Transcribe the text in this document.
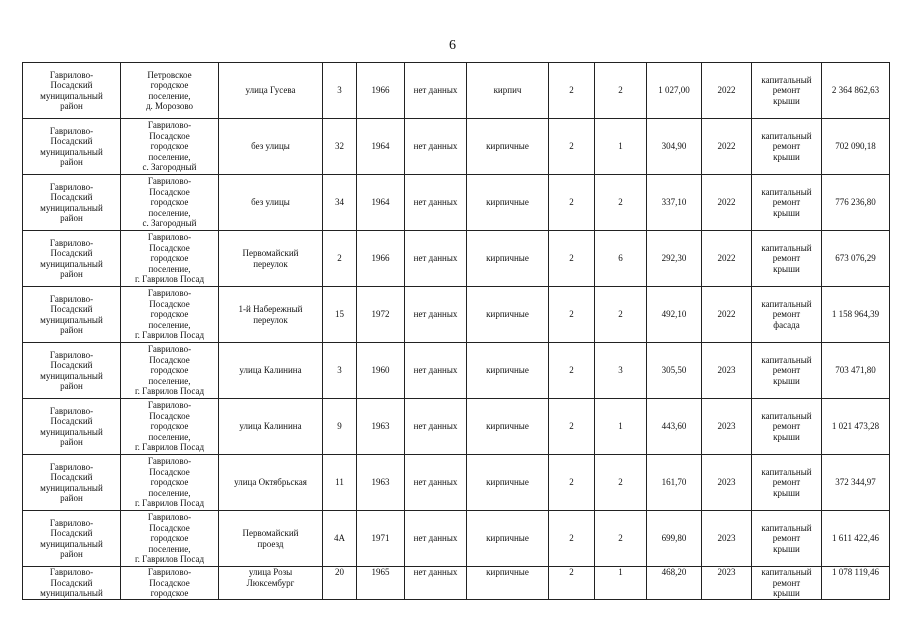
6
Гаврилово-
Посадский
муниципальный
район	Петровское
городское
поселение,
д. Морозово	улица Гусева	3	1966	нет данных	кирпич	2	2	1 027,00	2022	капитальный
ремонт
крыши	2 364 862,63
Гаврилово-
Посадский
муниципальный
район	Гаврилово-
Посадское
городское
поселение,
с. Загородный	без улицы	32	1964	нет данных	кирпичные	2	1	304,90	2022	капитальный
ремонт
крыши	702 090,18
Гаврилово-
Посадский
муниципальный
район	Гаврилово-
Посадское
городское
поселение,
с. Загородный	без улицы	34	1964	нет данных	кирпичные	2	2	337,10	2022	капитальный
ремонт
крыши	776 236,80
Гаврилово-
Посадский
муниципальный
район	Гаврилово-
Посадское
городское
поселение,
г. Гаврилов Посад	Первомайский
переулок	2	1966	нет данных	кирпичные	2	6	292,30	2022	капитальный
ремонт
крыши	673 076,29
Гаврилово-
Посадский
муниципальный
район	Гаврилово-
Посадское
городское
поселение,
г. Гаврилов Посад	1-й Набережный
переулок	15	1972	нет данных	кирпичные	2	2	492,10	2022	капитальный
ремонт
фасада	1 158 964,39
Гаврилово-
Посадский
муниципальный
район	Гаврилово-
Посадское
городское
поселение,
г. Гаврилов Посад	улица Калинина	3	1960	нет данных	кирпичные	2	3	305,50	2023	капитальный
ремонт
крыши	703 471,80
Гаврилово-
Посадский
муниципальный
район	Гаврилово-
Посадское
городское
поселение,
г. Гаврилов Посад	улица Калинина	9	1963	нет данных	кирпичные	2	1	443,60	2023	капитальный
ремонт
крыши	1 021 473,28
Гаврилово-
Посадский
муниципальный
район	Гаврилово-
Посадское
городское
поселение,
г. Гаврилов Посад	улица Октябрьская	11	1963	нет данных	кирпичные	2	2	161,70	2023	капитальный
ремонт
крыши	372 344,97
Гаврилово-
Посадский
муниципальный
район	Гаврилово-
Посадское
городское
поселение,
г. Гаврилов Посад	Первомайский
проезд	4А	1971	нет данных	кирпичные	2	2	699,80	2023	капитальный
ремонт
крыши	1 611 422,46
Гаврилово-
Посадский
муниципальный	Гаврилово-
Посадское
городское	улица Розы
Люксембург	20	1965	нет данных	кирпичные	2	1	468,20	2023	капитальный
ремонт
крыши	1 078 119,46
